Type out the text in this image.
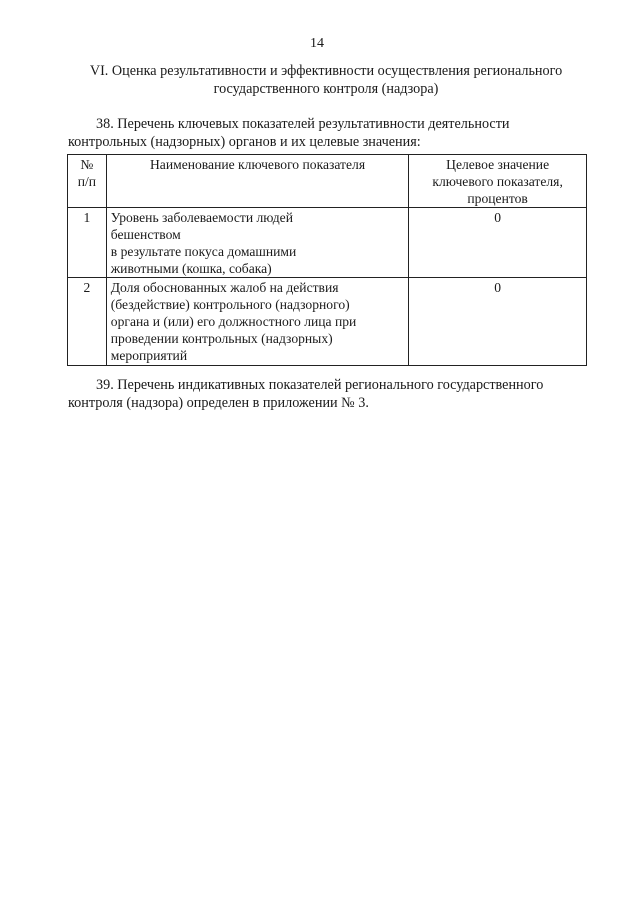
14
VI. Оценка результативности и эффективности осуществления регионального
государственного контроля (надзора)
38. Перечень ключевых показателей результативности деятельности
контрольных (надзорных) органов и их целевые значения:
№
п/п	Наименование ключевого показателя	Целевое значение
ключевого показателя,
процентов

1	Уровень заболеваемости людей
бешенством
в результате покуса домашними
животными (кошка, собака)	0
2	Доля обоснованных жалоб на действия
(бездействие) контрольного (надзорного)
органа и (или) его должностного лица при
проведении контрольных (надзорных)
мероприятий	0
39. Перечень индикативных показателей регионального государственного
контроля (надзора) определен в приложении № 3.
